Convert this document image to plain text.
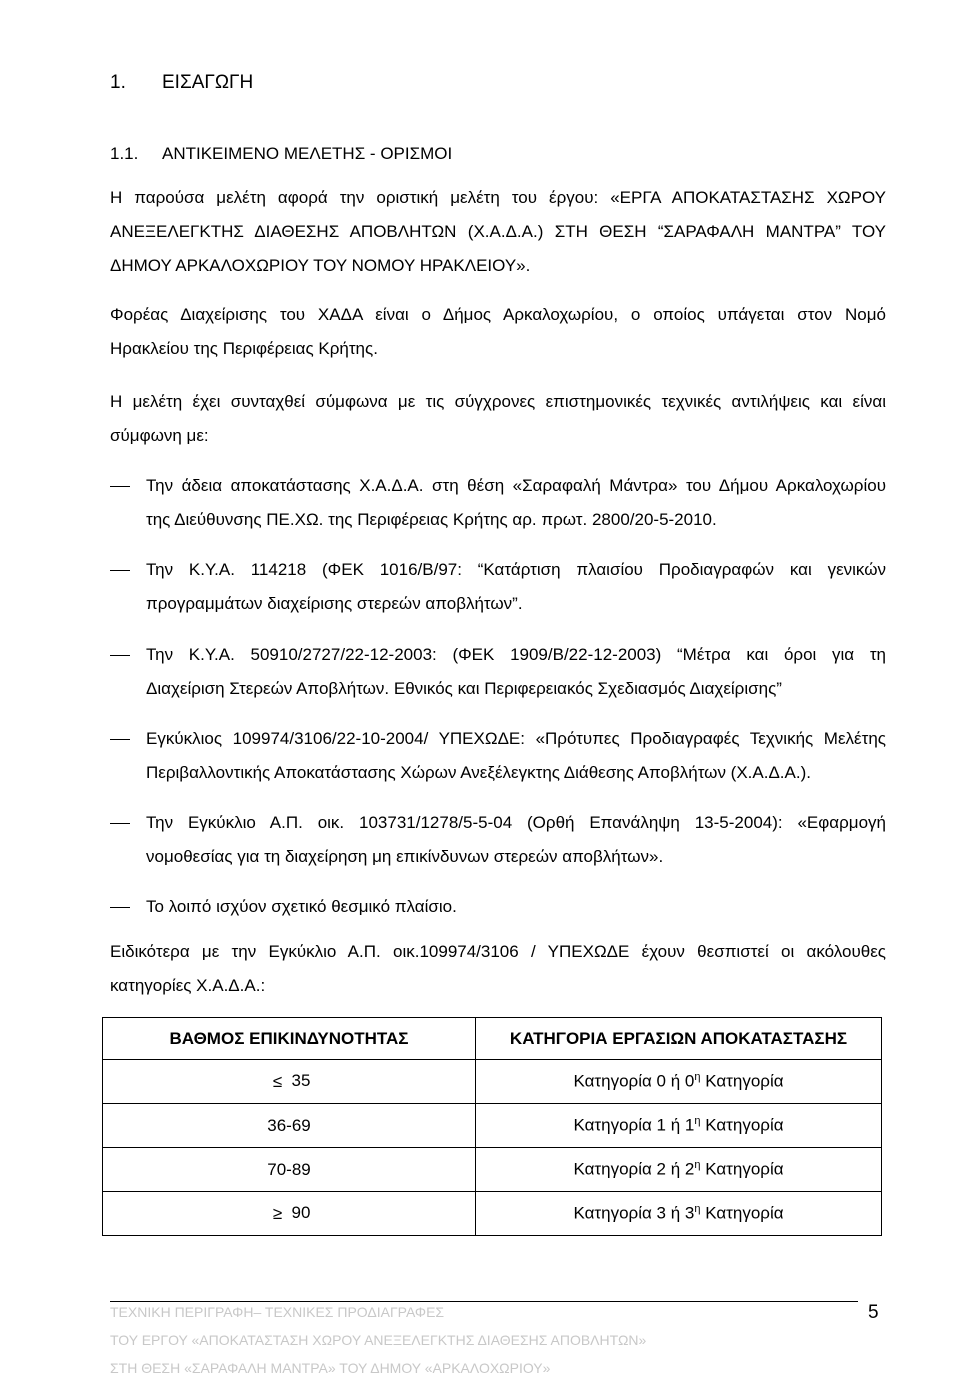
1. ΕΙΣΑΓΩΓΗ
1.1. ΑΝΤΙΚΕΙΜΕΝΟ ΜΕΛΕΤΗΣ - ΟΡΙΣΜΟΙ
Η παρούσα μελέτη αφορά την οριστική μελέτη του έργου: «ΕΡΓΑ ΑΠΟΚΑΤΑΣΤΑΣΗΣ ΧΩΡΟΥ
ΑΝΕΞΕΛΕΓΚΤΗΣ ΔΙΑΘΕΣΗΣ ΑΠΟΒΛΗΤΩΝ (Χ.Α.Δ.Α.) ΣΤΗ ΘΕΣΗ “ΣΑΡΑΦΑΛΗ ΜΑΝΤΡΑ” ΤΟΥ
ΔΗΜΟΥ ΑΡΚΑΛΟΧΩΡΙΟΥ ΤΟΥ ΝΟΜΟΥ ΗΡΑΚΛΕΙΟΥ».
Φορέας Διαχείρισης του ΧΑΔΑ είναι ο Δήμος Αρκαλοχωρίου, ο οποίος υπάγεται στον Νομό
Ηρακλείου της Περιφέρειας Κρήτης.
Η μελέτη έχει συνταχθεί σύμφωνα με τις σύγχρονες επιστημονικές τεχνικές αντιλήψεις και είναι
σύμφωνη με:
Την άδεια αποκατάστασης Χ.Α.Δ.Α. στη θέση «Σαραφαλή Μάντρα» του Δήμου Αρκαλοχωρίου
της Διεύθυνσης ΠΕ.ΧΩ. της Περιφέρειας Κρήτης αρ. πρωτ. 2800/20-5-2010.
Την Κ.Υ.Α. 114218 (ΦΕΚ 1016/Β/97: “Κατάρτιση πλαισίου Προδιαγραφών και γενικών
προγραμμάτων διαχείρισης στερεών αποβλήτων”.
Την Κ.Υ.Α. 50910/2727/22-12-2003: (ΦΕΚ 1909/Β/22-12-2003) “Μέτρα και όροι για τη
Διαχείριση Στερεών Αποβλήτων. Εθνικός και Περιφερειακός Σχεδιασμός Διαχείρισης”
Εγκύκλιος 109974/3106/22-10-2004/ ΥΠΕΧΩΔΕ: «Πρότυπες Προδιαγραφές Τεχνικής Μελέτης
Περιβαλλοντικής Αποκατάστασης Χώρων Ανεξέλεγκτης Διάθεσης Αποβλήτων (Χ.Α.Δ.Α.).
Την Εγκύκλιο Α.Π. οικ. 103731/1278/5-5-04 (Ορθή Επανάληψη 13-5-2004): «Εφαρμογή
νομοθεσίας για τη διαχείρηση μη επικίνδυνων στερεών αποβλήτων».
Το λοιπό ισχύον σχετικό θεσμικό πλαίσιο.
Ειδικότερα με την Εγκύκλιο Α.Π. οικ.109974/3106 / ΥΠΕΧΩΔΕ έχουν θεσπιστεί οι ακόλουθες
κατηγορίες Χ.Α.Δ.Α.:
ΒΑΘΜΟΣ ΕΠΙΚΙΝΔΥΝΟΤΗΤΑΣ	ΚΑΤΗΓΟΡΙΑ ΕΡΓΑΣΙΩΝ ΑΠΟΚΑΤΑΣΤΑΣΗΣ
≤ 35	Κατηγορία 0 ή $0^\eta$ Κατηγορία
36-69	Κατηγορία 1 ή $1^\eta$ Κατηγορία
70-89	Κατηγορία 2 ή $2^\eta$ Κατηγορία
≥ 90	Κατηγορία 3 ή $3^\eta$ Κατηγορία
ΤΕΧΝΙΚΗ ΠΕΡΙΓΡΑΦΗ– ΤΕΧΝΙΚΕΣ ΠΡΟΔΙΑΓΡΑΦΕΣ	5
ΤΟΥ ΕΡΓΟΥ «ΑΠΟΚΑΤΑΣΤΑΣΗ ΧΩΡΟΥ ΑΝΕΞΕΛΕΓΚΤΗΣ ΔΙΑΘΕΣΗΣ ΑΠΟΒΛΗΤΩΝ»
ΣΤΗ ΘΕΣΗ «ΣΑΡΑΦΑΛΗ ΜΑΝΤΡΑ» ΤΟΥ ΔΗΜΟΥ «ΑΡΚΑΛΟΧΩΡΙΟΥ»
